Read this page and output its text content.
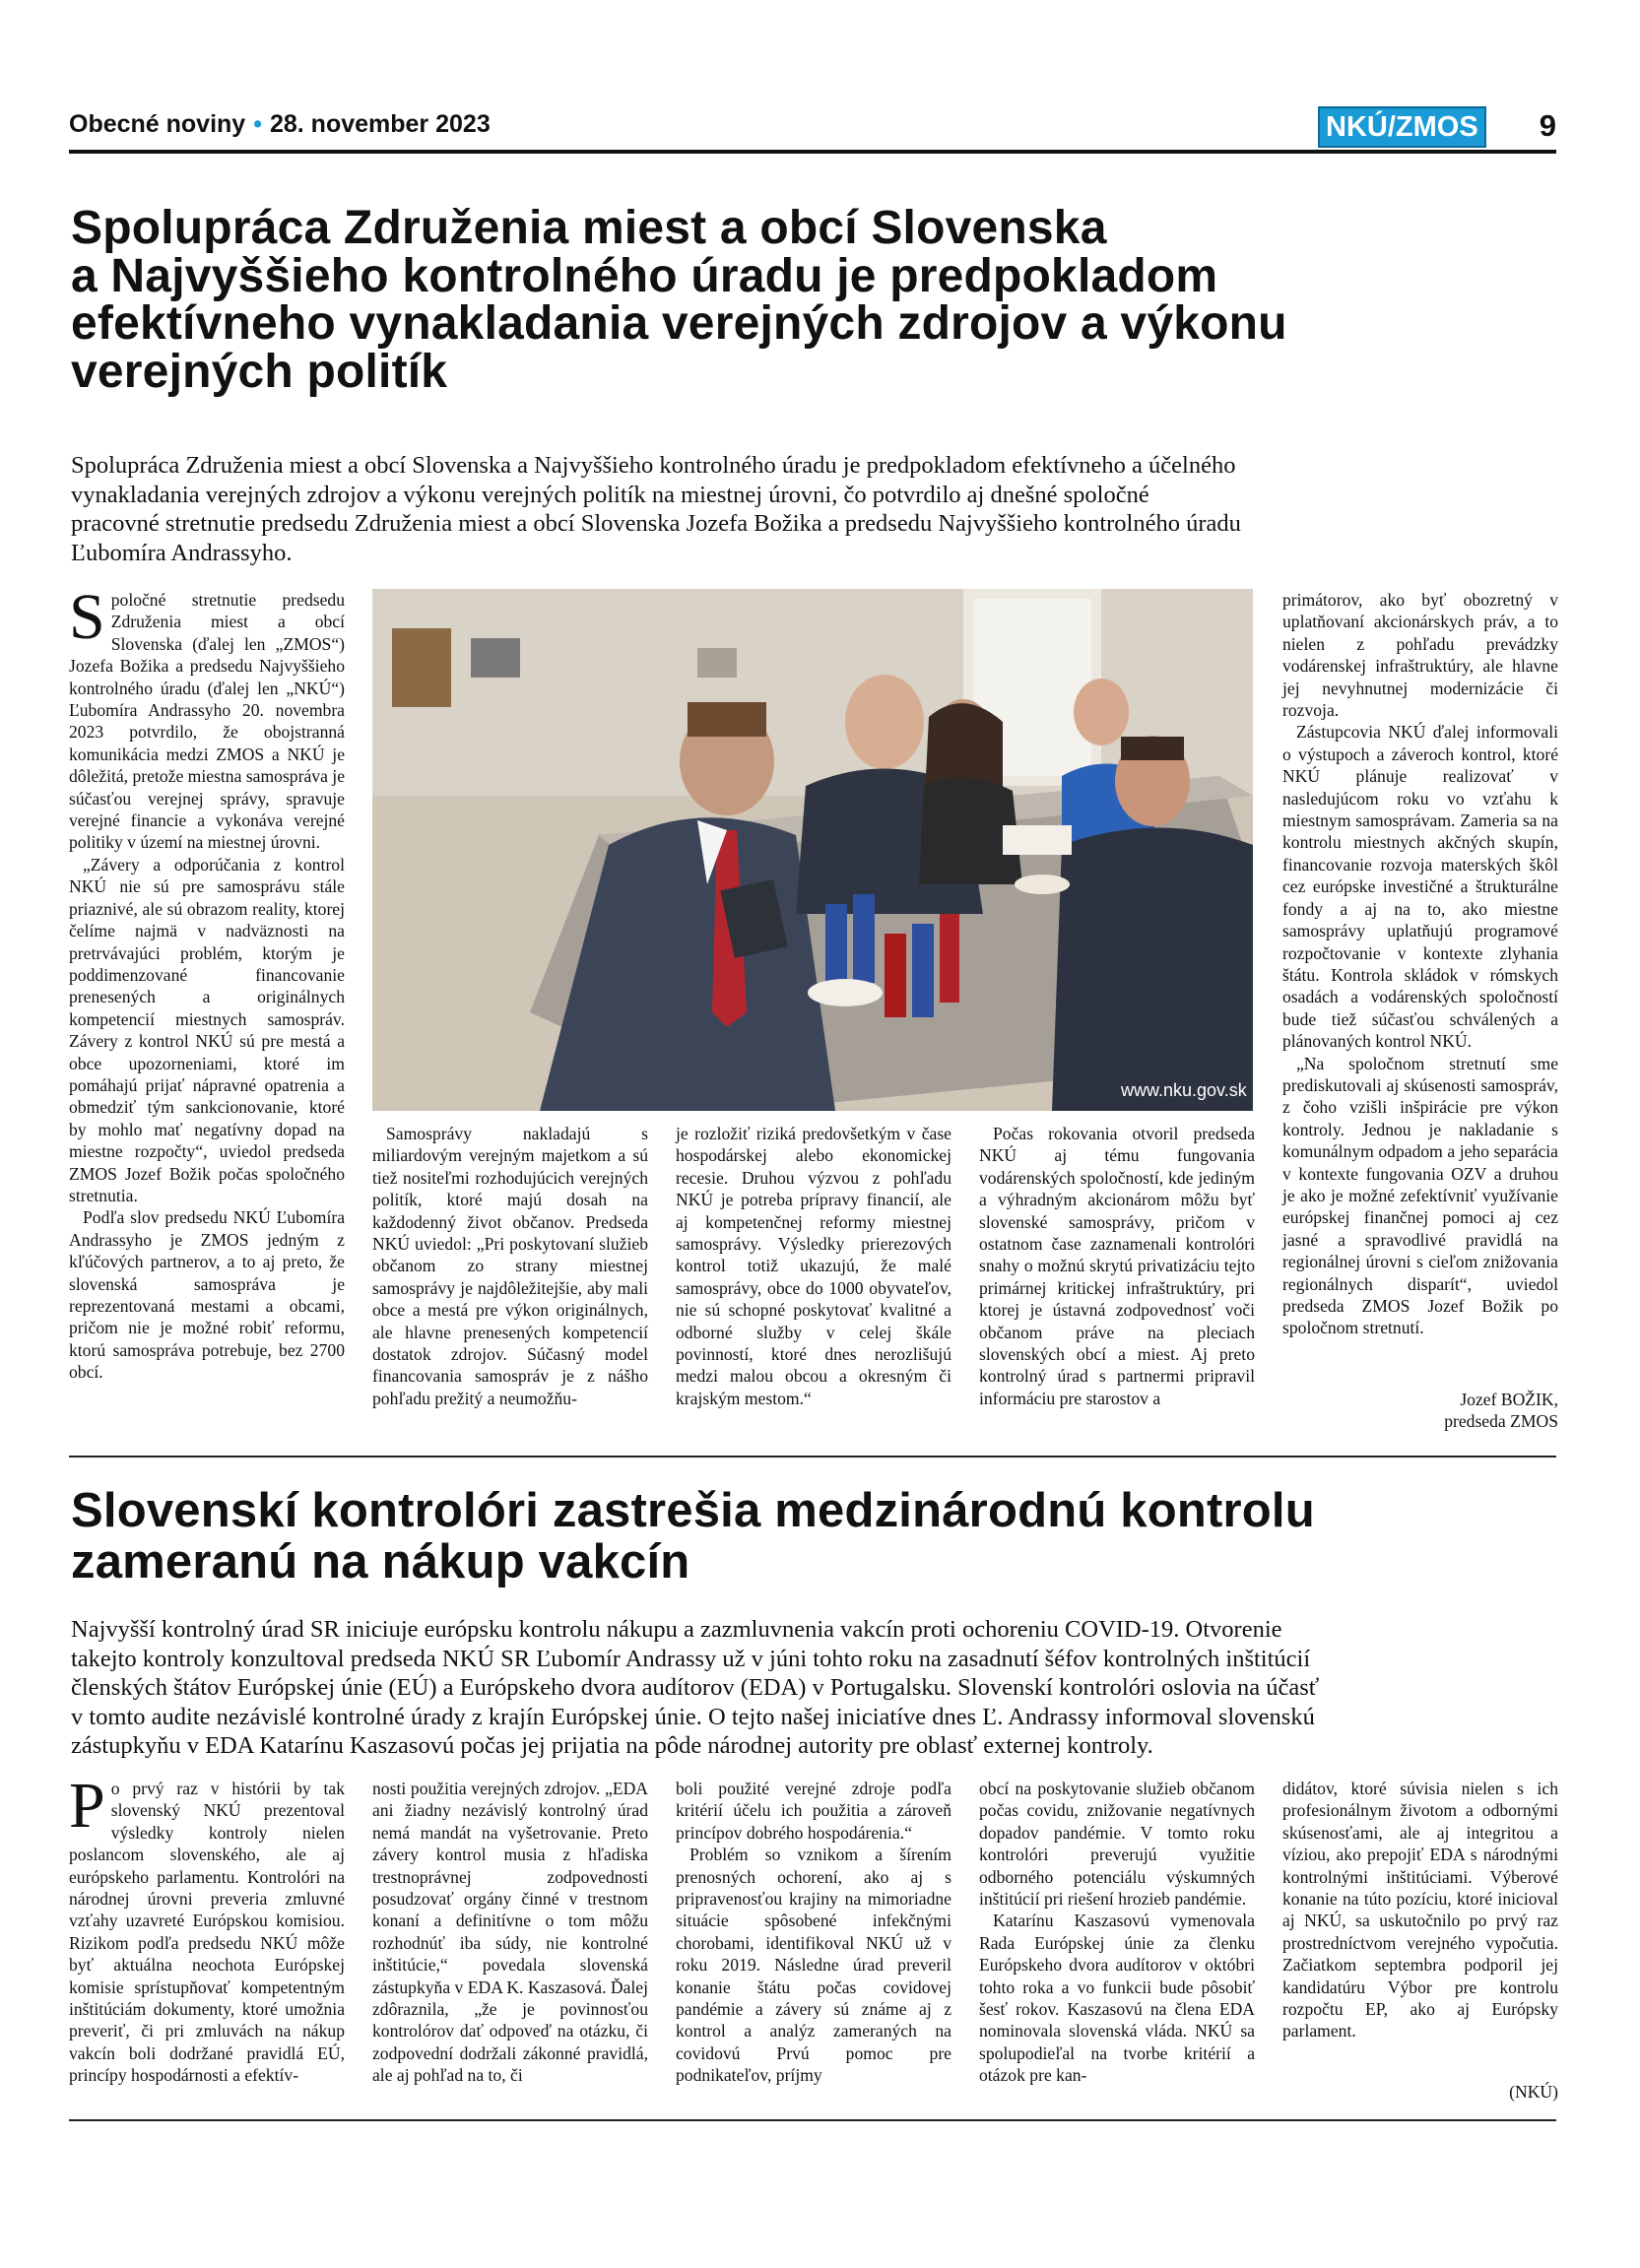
Obecné noviny • 28. november 2023	NKÚ/ZMOS 9
Spolupráca Združenia miest a obcí Slovenska
a Najvyššieho kontrolného úradu je predpokladom
efektívneho vynakladania verejných zdrojov a výkonu
verejných politík
Spolupráca Združenia miest a obcí Slovenska a Najvyššieho kontrolného úradu je predpokladom efektívneho a účelného
vynakladania verejných zdrojov a výkonu verejných politík na miestnej úrovni, čo potvrdilo aj dnešné spoločné
pracovné stretnutie predsedu Združenia miest a obcí Slovenska Jozefa Božika a predsedu Najvyššieho kontrolného úradu
Ľubomíra Andrassyho.

Spoločné stretnutie predsedu Združenia miest a obcí Slovenska (ďalej len „ZMOS“) Jozefa Božika a predsedu Najvyššieho kontrolného úradu (ďalej len „NKÚ“) Ľubomíra Andrassyho 20. novembra 2023 potvrdilo, že obojstranná komunikácia medzi ZMOS a NKÚ je dôležitá, pretože miestna samospráva je súčasťou verejnej správy, spravuje verejné financie a vykonáva verejné politiky v území na miestnej úrovni.

„Závery a odporúčania z kontrol NKÚ nie sú pre samosprávu stále priaznivé, ale sú obrazom reality, ktorej čelíme najmä v nadväznosti na pretrvávajúci problém, ktorým je poddimenzované financovanie prenesených a originálnych kompetencií miestnych samospráv. Závery z kontrol NKÚ sú pre mestá a obce upozorneniami, ktoré im pomáhajú prijať nápravné opatrenia a obmedziť tým sankcionovanie, ktoré by mohlo mať negatívny dopad na miestne rozpočty“, uviedol predseda ZMOS Jozef Božik počas spoločného stretnutia.

Podľa slov predsedu NKÚ Ľubomíra Andrassyho je ZMOS jedným z kľúčových partnerov, a to aj preto, že slovenská samospráva je reprezentovaná mestami a obcami, pričom nie je možné robiť reformu, ktorú samospráva potrebuje, bez 2700 obcí.

www.nku.gov.sk

Samosprávy nakladajú s miliardovým verejným majetkom a sú tiež nositeľmi rozhodujúcich verejných politík, ktoré majú dosah na každodenný život občanov. Predseda NKÚ uviedol: „Pri poskytovaní služieb občanom zo strany miestnej samosprávy je najdôležitejšie, aby mali obce a mestá pre výkon originálnych, ale hlavne prenesených kompetencií dostatok zdrojov. Súčasný model financovania samospráv je z nášho pohľadu prežitý a neumožňu-

je rozložiť riziká predovšetkým v čase hospodárskej alebo ekonomickej recesie. Druhou výzvou z pohľadu NKÚ je potreba prípravy financií, ale aj kompetenčnej reformy miestnej samosprávy. Výsledky prierezových kontrol totiž ukazujú, že malé samosprávy, obce do 1000 obyvateľov, nie sú schopné poskytovať kvalitné a odborné služby v celej škále povinností, ktoré dnes nerozlišujú medzi malou obcou a okresným či krajským mestom.“

Počas rokovania otvoril predseda NKÚ aj tému fungovania vodárenských spoločností, kde jediným a výhradným akcionárom môžu byť slovenské samosprávy, pričom v ostatnom čase zaznamenali kontrolóri snahy o možnú skrytú privatizáciu tejto primárnej kritickej infraštruktúry, pri ktorej je ústavná zodpovednosť voči občanom práve na pleciach slovenských obcí a miest. Aj preto kontrolný úrad s partnermi pripravil informáciu pre starostov a

primátorov, ako byť obozretný v uplatňovaní akcionárskych práv, a to nielen z pohľadu prevádzky vodárenskej infraštruktúry, ale hlavne jej nevyhnutnej modernizácie či rozvoja.

Zástupcovia NKÚ ďalej informovali o výstupoch a záveroch kontrol, ktoré NKÚ plánuje realizovať v nasledujúcom roku vo vzťahu k miestnym samosprávam. Zameria sa na kontrolu miestnych akčných skupín, financovanie rozvoja materských škôl cez európske investičné a štrukturálne fondy a aj na to, ako miestne samosprávy uplatňujú programové rozpočtovanie v kontexte zlyhania štátu. Kontrola skládok v rómskych osadách a vodárenských spoločností bude tiež súčasťou schválených a plánovaných kontrol NKÚ.

„Na spoločnom stretnutí sme prediskutovali aj skúsenosti samospráv, z čoho vzišli inšpirácie pre výkon kontroly. Jednou je nakladanie s komunálnym odpadom a jeho separácia v kontexte fungovania OZV a druhou je ako je možné zefektívniť využívanie európskej finančnej pomoci aj cez jasné a spravodlivé pravidlá na regionálnej úrovni s cieľom znižovania regionálnych disparít“, uviedol predseda ZMOS Jozef Božik po spoločnom stretnutí.

Jozef BOŽIK,
predseda ZMOS
Slovenskí kontrolóri zastrešia medzinárodnú kontrolu
zameranú na nákup vakcín
Najvyšší kontrolný úrad SR iniciuje európsku kontrolu nákupu a zazmluvnenia vakcín proti ochoreniu COVID-19. Otvorenie
takejto kontroly konzultoval predseda NKÚ SR Ľubomír Andrassy už v júni tohto roku na zasadnutí šéfov kontrolných inštitúcií
členských štátov Európskej únie (EÚ) a Európskeho dvora audítorov (EDA) v Portugalsku. Slovenskí kontrolóri oslovia na účasť
v tomto audite nezávislé kontrolné úrady z krajín Európskej únie. O tejto našej iniciatíve dnes Ľ. Andrassy informoval slovenskú
zástupkyňu v EDA Katarínu Kaszasovú počas jej prijatia na pôde národnej autority pre oblasť externej kontroly.

Po prvý raz v histórii by tak slovenský NKÚ prezentoval výsledky kontroly nielen poslancom slovenského, ale aj európskeho parlamentu. Kontrolóri na národnej úrovni preveria zmluvné vzťahy uzavreté Európskou komisiou. Rizikom podľa predsedu NKÚ môže byť aktuálna neochota Európskej komisie sprístupňovať kompetentným inštitúciám dokumenty, ktoré umožnia preveriť, či pri zmluvách na nákup vakcín boli dodržané pravidlá EÚ, princípy hospodárnosti a efektív-

nosti použitia verejných zdrojov. „EDA ani žiadny nezávislý kontrolný úrad nemá mandát na vyšetrovanie. Preto závery kontrol musia z hľadiska trestnoprávnej zodpovednosti posudzovať orgány činné v trestnom konaní a definitívne o tom môžu rozhodnúť iba súdy, nie kontrolné inštitúcie,“ povedala slovenská zástupkyňa v EDA K. Kaszasová. Ďalej zdôraznila, „že je povinnosťou kontrolórov dať odpoveď na otázku, či zodpovední dodržali zákonné pravidlá, ale aj pohľad na to, či

boli použité verejné zdroje podľa kritérií účelu ich použitia a zároveň princípov dobrého hospodárenia.“

Problém so vznikom a šírením prenosných ochorení, ako aj s pripravenosťou krajiny na mimoriadne situácie spôsobené infekčnými chorobami, identifikoval NKÚ už v roku 2019. Následne úrad preveril konanie štátu počas covidovej pandémie a závery sú známe aj z kontrol a analýz zameraných na covidovú Prvú pomoc pre podnikateľov, príjmy

obcí na poskytovanie služieb občanom počas covidu, znižovanie negatívnych dopadov pandémie. V tomto roku kontrolóri preverujú využitie odborného potenciálu výskumných inštitúcií pri riešení hrozieb pandémie.

Katarínu Kaszasovú vymenovala Rada Európskej únie za členku Európskeho dvora audítorov v októbri tohto roka a vo funkcii bude pôsobiť šesť rokov. Kaszasovú na člena EDA nominovala slovenská vláda. NKÚ sa spolupodieľal na tvorbe kritérií a otázok pre kan-

didátov, ktoré súvisia nielen s ich profesionálnym životom a odbornými skúsenosťami, ale aj integritou a víziou, ako prepojiť EDA s národnými kontrolnými inštitúciami. Výberové konanie na túto pozíciu, ktoré inicioval aj NKÚ, sa uskutočnilo po prvý raz prostredníctvom verejného vypočutia. Začiatkom septembra podporil jej kandidatúru Výbor pre kontrolu rozpočtu EP, ako aj Európsky parlament.

(NKÚ)
